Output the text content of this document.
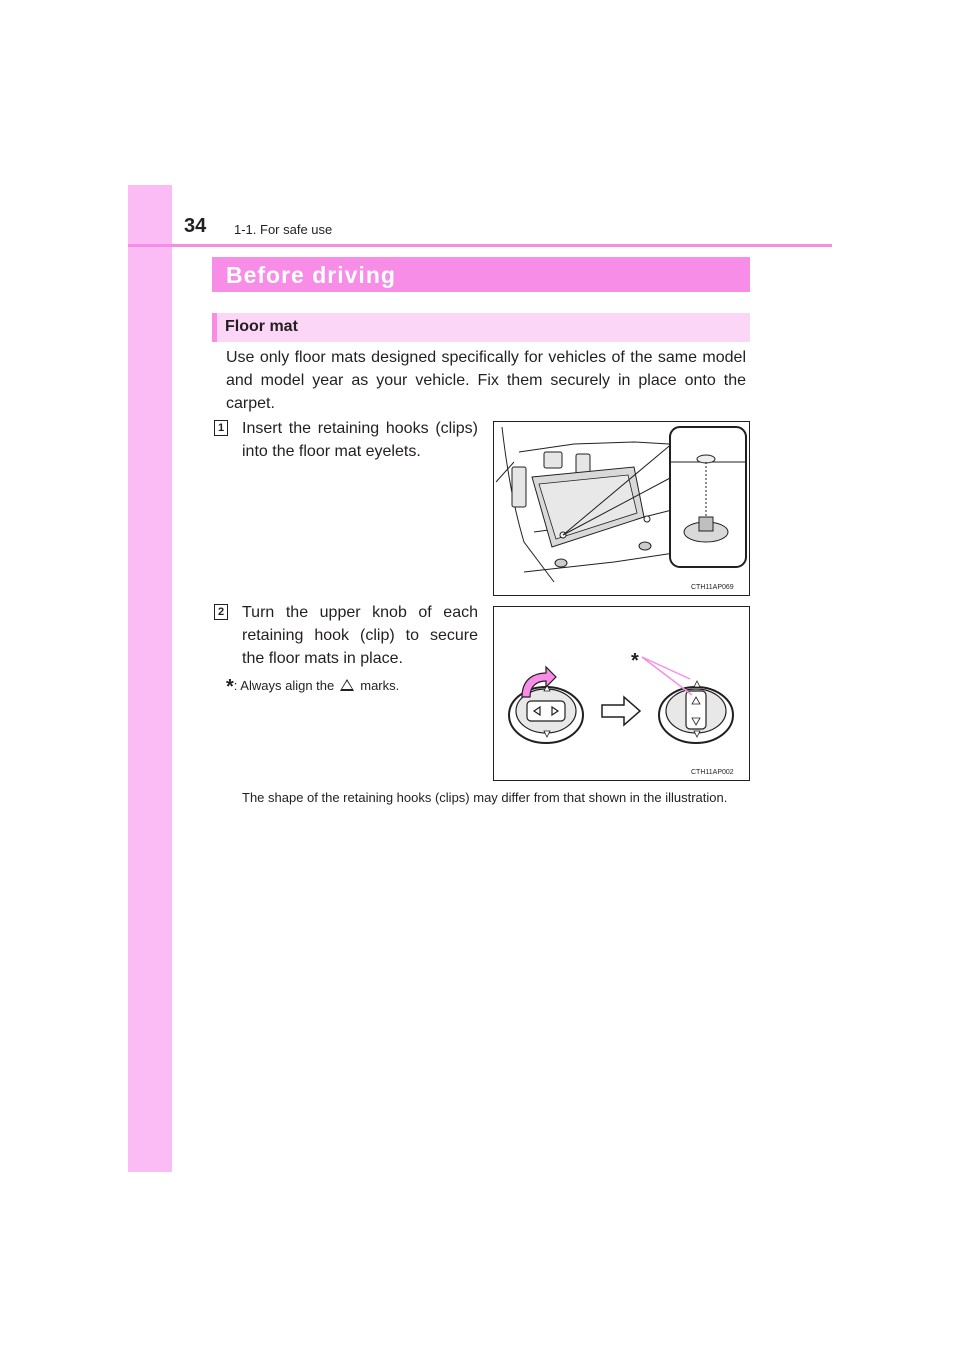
34 1-1. For safe use
Before driving
Floor mat
Use only floor mats designed specifically for vehicles of the same model and model year as your vehicle. Fix them securely in place onto the carpet.
1 Insert the retaining hooks (clips) into the floor mat eyelets.
CTH11AP069
2 Turn the upper knob of each retaining hook (clip) to secure the floor mats in place.
*: Always align the marks.
*
CTH11AP002
The shape of the retaining hooks (clips) may differ from that shown in the illustration.
